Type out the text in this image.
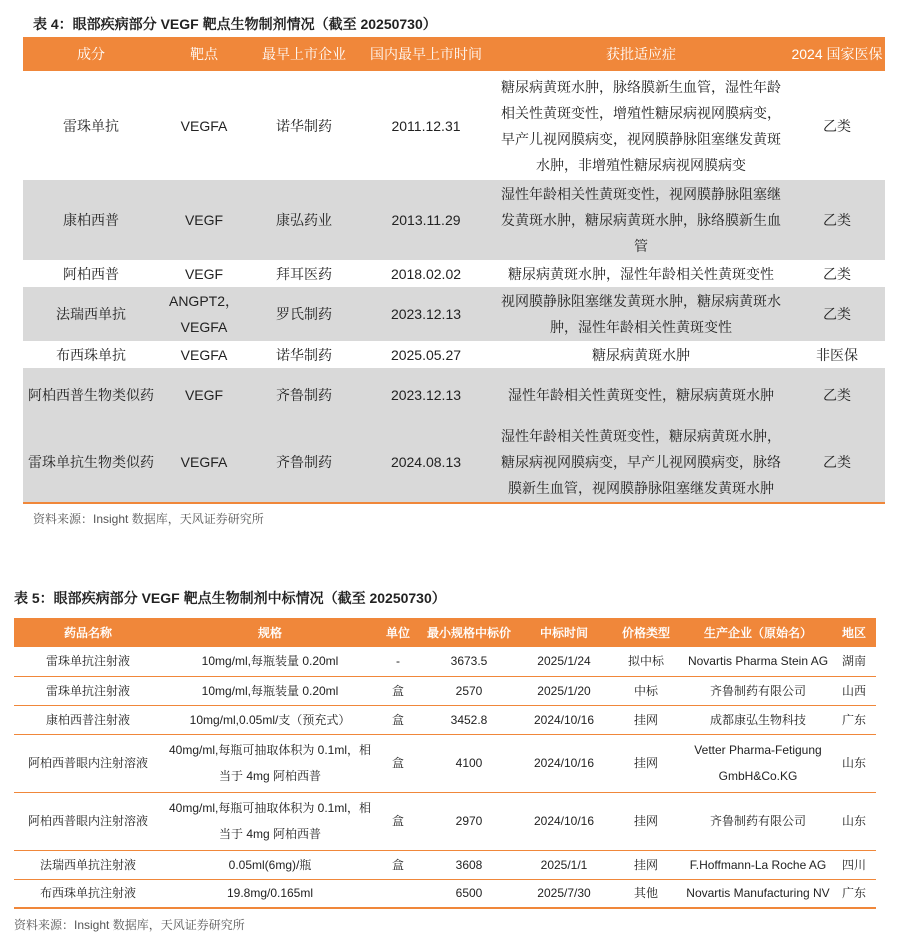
表 4：眼部疾病部分 VEGF 靶点生物制剂情况（截至 20250730）
成分	靶点	最早上市企业	国内最早上市时间	获批适应症	2024 国家医保
雷珠单抗	VEGFA	诺华制药	2011.12.31	糖尿病黄斑水肿，脉络膜新生血管，湿性年龄相关性黄斑变性，增殖性糖尿病视网膜病变，早产儿视网膜病变，视网膜静脉阻塞继发黄斑水肿，非增殖性糖尿病视网膜病变	乙类
康柏西普	VEGF	康弘药业	2013.11.29	湿性年龄相关性黄斑变性，视网膜静脉阻塞继发黄斑水肿，糖尿病黄斑水肿，脉络膜新生血管	乙类
阿柏西普	VEGF	拜耳医药	2018.02.02	糖尿病黄斑水肿，湿性年龄相关性黄斑变性	乙类
法瑞西单抗	ANGPT2，VEGFA	罗氏制药	2023.12.13	视网膜静脉阻塞继发黄斑水肿，糖尿病黄斑水肿，湿性年龄相关性黄斑变性	乙类
布西珠单抗	VEGFA	诺华制药	2025.05.27	糖尿病黄斑水肿	非医保
阿柏西普生物类似药	VEGF	齐鲁制药	2023.12.13	湿性年龄相关性黄斑变性，糖尿病黄斑水肿	乙类
雷珠单抗生物类似药	VEGFA	齐鲁制药	2024.08.13	湿性年龄相关性黄斑变性，糖尿病黄斑水肿，糖尿病视网膜病变，早产儿视网膜病变，脉络膜新生血管，视网膜静脉阻塞继发黄斑水肿	乙类
资料来源：Insight 数据库，天风证券研究所
表 5：眼部疾病部分 VEGF 靶点生物制剂中标情况（截至 20250730）
药品名称	规格	单位	最小规格中标价	中标时间	价格类型	生产企业（原始名）	地区
雷珠单抗注射液	10mg/ml,每瓶装量 0.20ml	-	3673.5	2025/1/24	拟中标	Novartis Pharma Stein AG	湖南
雷珠单抗注射液	10mg/ml,每瓶装量 0.20ml	盒	2570	2025/1/20	中标	齐鲁制药有限公司	山西
康柏西普注射液	10mg/ml,0.05ml/支（预充式）	盒	3452.8	2024/10/16	挂网	成都康弘生物科技	广东
阿柏西普眼内注射溶液	40mg/ml,每瓶可抽取体积为 0.1ml，相当于 4mg 阿柏西普	盒	4100	2024/10/16	挂网	Vetter Pharma-Fetigung GmbH&Co.KG	山东
阿柏西普眼内注射溶液	40mg/ml,每瓶可抽取体积为 0.1ml，相当于 4mg 阿柏西普	盒	2970	2024/10/16	挂网	齐鲁制药有限公司	山东
法瑞西单抗注射液	0.05ml(6mg)/瓶	盒	3608	2025/1/1	挂网	F.Hoffmann-La Roche AG	四川
布西珠单抗注射液	19.8mg/0.165ml		6500	2025/7/30	其他	Novartis Manufacturing NV	广东
资料来源：Insight 数据库，天风证券研究所
